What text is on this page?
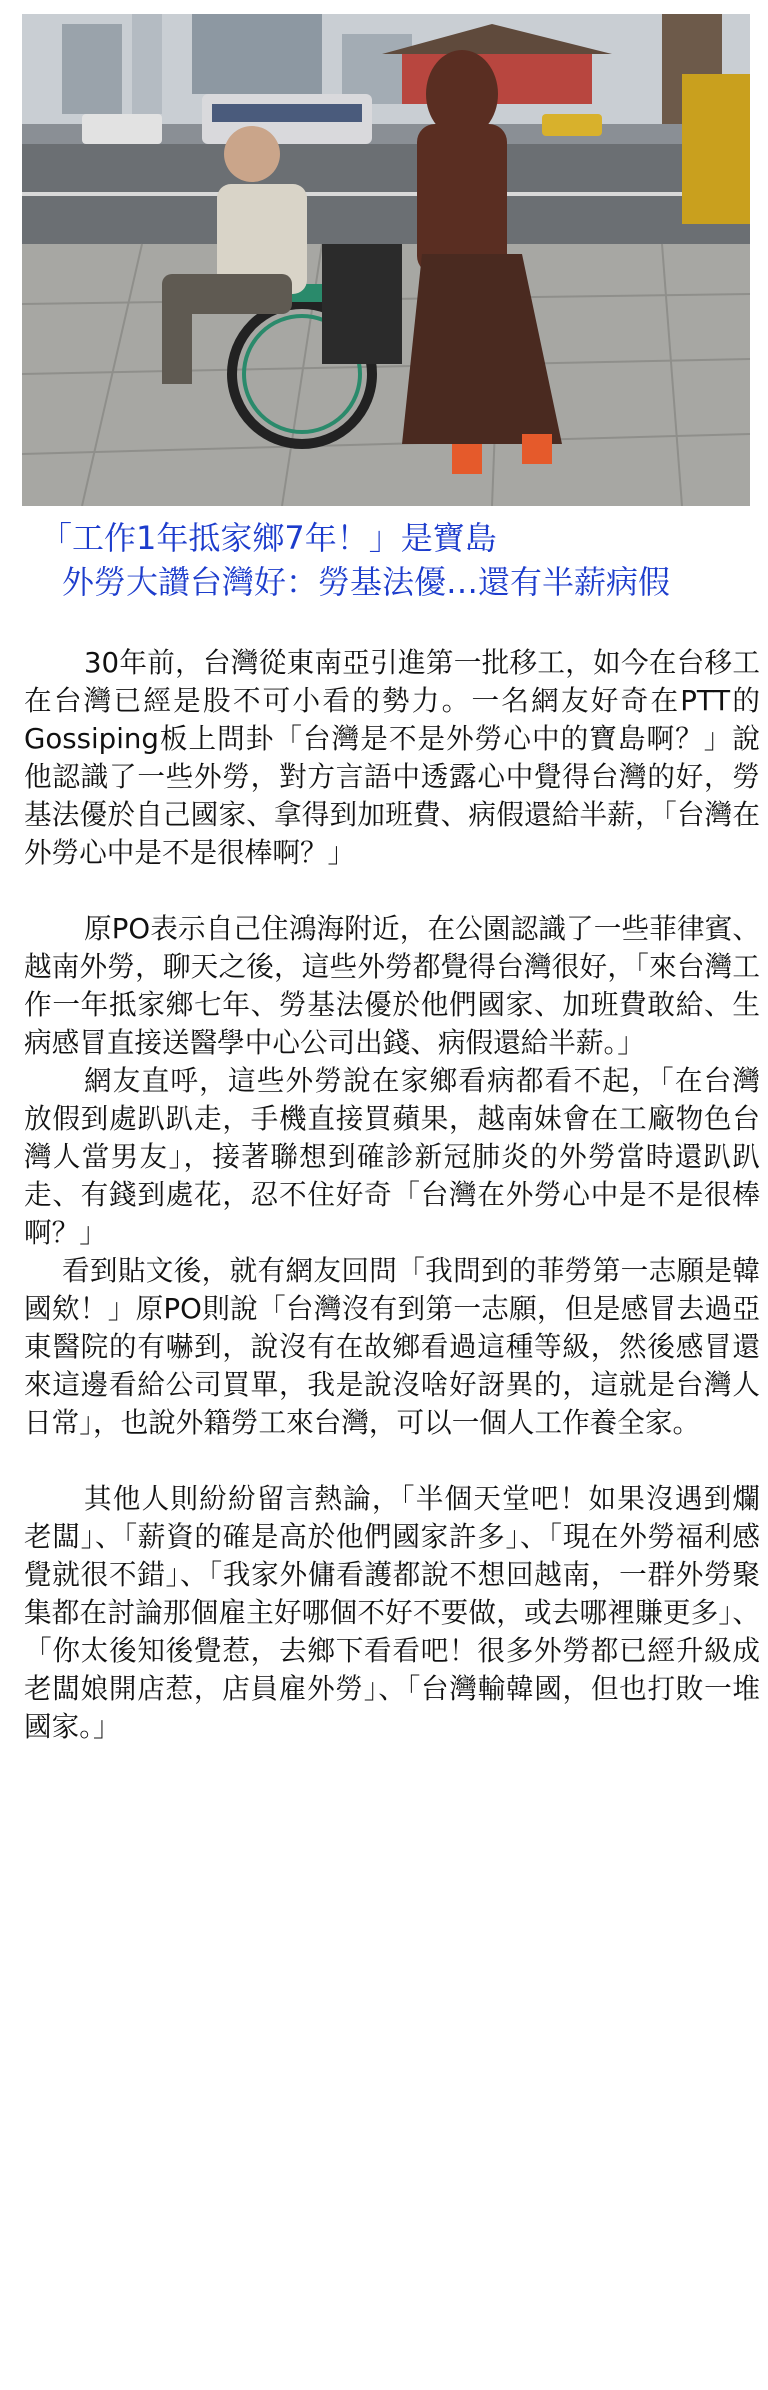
「工作1年抵家鄉7年！」是寶島
外勞大讚台灣好：勞基法優…還有半薪病假

30年前，台灣從東南亞引進第一批移工，如今在台移工在台灣已經是股不可小看的勢力。一名網友好奇在PTT的Gossiping板上問卦「台灣是不是外勞心中的寶島啊？」說他認識了一些外勞，對方言語中透露心中覺得台灣的好，勞基法優於自己國家、拿得到加班費、病假還給半薪，「台灣在外勞心中是不是很棒啊？」

原PO表示自己住鴻海附近，在公園認識了一些菲律賓、越南外勞，聊天之後，這些外勞都覺得台灣很好，「來台灣工作一年抵家鄉七年、勞基法優於他們國家、加班費敢給、生病感冒直接送醫學中心公司出錢、病假還給半薪。」

網友直呼，這些外勞說在家鄉看病都看不起，「在台灣放假到處趴趴走，手機直接買蘋果，越南妹會在工廠物色台灣人當男友」，接著聯想到確診新冠肺炎的外勞當時還趴趴走、有錢到處花，忍不住好奇「台灣在外勞心中是不是很棒啊？」

看到貼文後，就有網友回問「我問到的菲勞第一志願是韓國欸！」原PO則說「台灣沒有到第一志願，但是感冒去過亞東醫院的有嚇到，說沒有在故鄉看過這種等級，然後感冒還來這邊看給公司買單，我是說沒啥好訝異的，這就是台灣人日常」，也說外籍勞工來台灣，可以一個人工作養全家。

其他人則紛紛留言熱論，「半個天堂吧！如果沒遇到爛老闆」、「薪資的確是高於他們國家許多」、「現在外勞福利感覺就很不錯」、「我家外傭看護都說不想回越南，一群外勞聚集都在討論那個雇主好哪個不好不要做，或去哪裡賺更多」、「你太後知後覺惹，去鄉下看看吧！很多外勞都已經升級成老闆娘開店惹，店員雇外勞」、「台灣輸韓國，但也打敗一堆國家。」
